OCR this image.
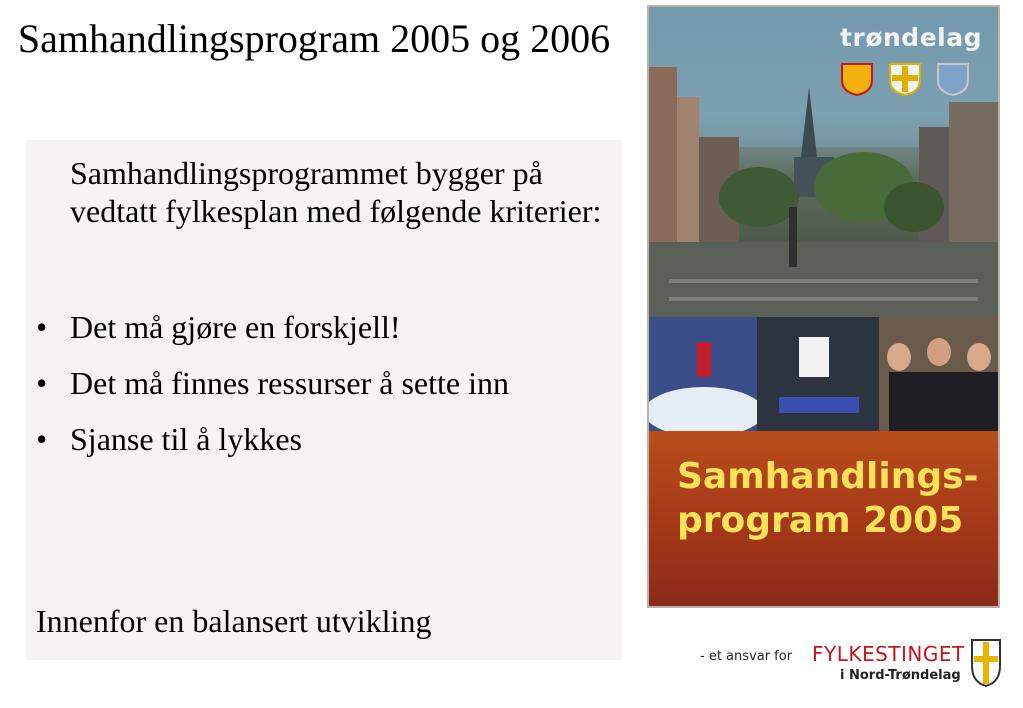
Samhandlingsprogram 2005 og 2006
Samhandlingsprogrammet bygger på vedtatt fylkesplan med følgende kriterier:
• Det må gjøre en forskjell!
• Det må finnes ressurser å sette inn
• Sjanse til å lykkes
Innenfor en balansert utvikling
trøndelag
Samhandlings-
program 2005
- et ansvar for FYLKESTINGET
i Nord-Trøndelag
